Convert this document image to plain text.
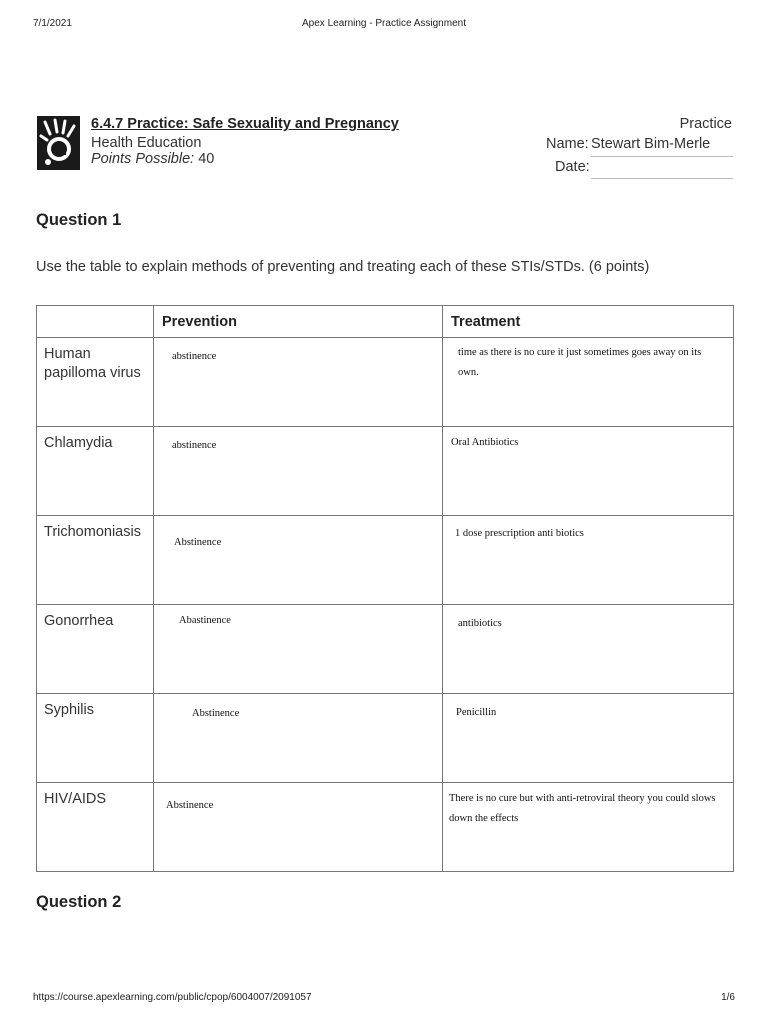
7/1/2021	Apex Learning - Practice Assignment
6.4.7 Practice: Safe Sexuality and Pregnancy
Health Education
Points Possible: 40
Practice
Name: Stewart Bim-Merle
Date:
Question 1
Use the table to explain methods of preventing and treating each of these STIs/STDs. (6 points)
	Prevention	Treatment

Human papilloma virus	abstinence	time as there is no cure it just sometimes goes away on its own.

Chlamydia	abstinence	Oral Antibiotics

Trichomoniasis	Abstinence	1 dose prescription anti biotics

Gonorrhea	Abastinence	antibiotics

Syphilis	Abstinence	Penicillin

HIV/AIDS	Abstinence	There is no cure but with anti-retroviral theory you could slows down the effects
Question 2
https://course.apexlearning.com/public/cpop/6004007/2091057	1/6
